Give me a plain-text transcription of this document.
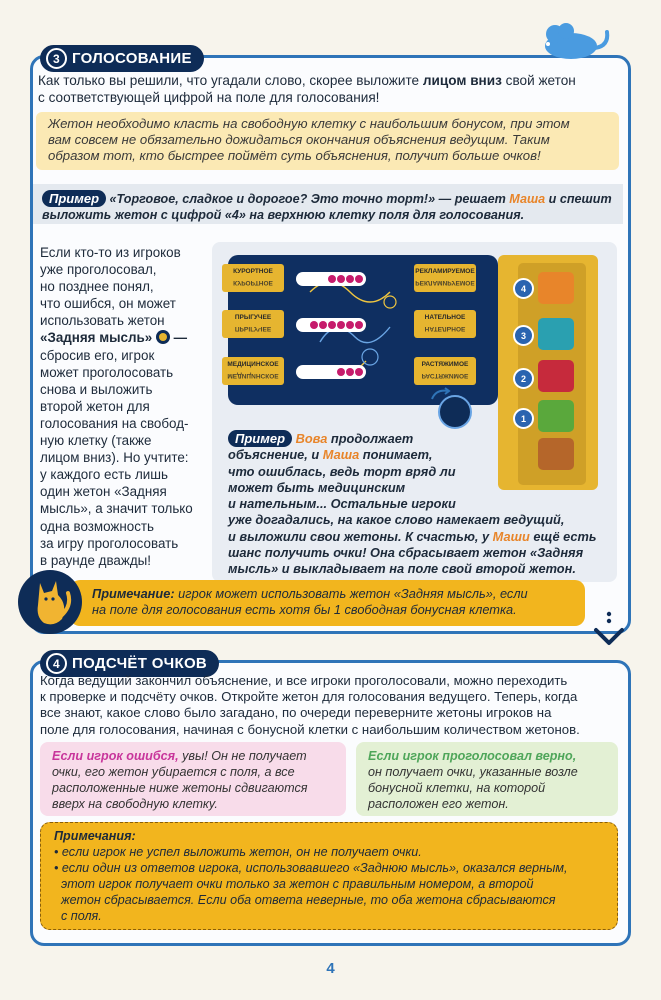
3 ГОЛОСОВАНИЕ
Как только вы решили, что угадали слово, скорее выложите лицом вниз свой жетон
с соответствующей цифрой на поле для голосования!
Жетон необходимо класть на свободную клетку с наибольшим бонусом, при этом
вам совсем не обязательно дожидаться окончания объяснения ведущим. Таким
образом тот, кто быстрее поймёт суть объяснения, получит больше очков!
Пример «Торговое, сладкое и дорогое? Это точно торт!» — решает Маша и спешит
выложить жетон с цифрой «4» на верхнюю клетку поля для голосования.
Если кто-то из игроков
уже проголосовал,
но позднее понял,
что ошибся, он может
использовать жетон
«Задняя мысль»
—
сбросив его, игрок
может проголосовать
снова и выложить
второй жетон для
голосования на свобод-
ную клетку (также
лицом вниз). Но учтите:
у каждого есть лишь
один жетон «Задняя
мысль», а значит только
одна возможность
за игру проголосовать
в раунде дважды!
КУРОРТНОЕ
КУРОРТНОЕ
ПРЫГУЧЕЕ
ПРЫГУЧЕЕ
МЕДИЦИНСКОЕ
МЕДИЦИНСКОЕ
РЕКЛАМИРУЕМОЕ
РЕКЛАМИРУЕМОЕ
НАТЕЛЬНОЕ
НАТЕЛЬНОЕ
РАСТЯЖИМОЕ
РАСТЯЖИМОЕ
4
3
2
1
Пример Вова продолжает
объяснение, и Маша понимает,
что ошиблась, ведь торт вряд ли
может быть медицинским
и нательным... Остальные игроки
уже догадались, на какое слово намекает ведущий,
и выложили свои жетоны. К счастью, у Маши ещё есть
шанс получить очки! Она сбрасывает жетон «Задняя
мысль» и выкладывает на поле свой второй жетон.
Примечание: игрок может использовать жетон «Задняя мысль», если
на поле для голосования есть хотя бы 1 свободная бонусная клетка.
4 ПОДСЧЁТ ОЧКОВ
Когда ведущий закончил объяснение, и все игроки проголосовали, можно переходить
к проверке и подсчёту очков. Откройте жетон для голосования ведущего. Теперь, когда
все знают, какое слово было загадано, по очереди переверните жетоны игроков на
поле для голосования, начиная с бонусной клетки с наибольшим количеством жетонов.
Если игрок ошибся, увы! Он не получает
очки, его жетон убирается с поля, а все
расположенные ниже жетоны сдвигаются
вверх на свободную клетку.
Если игрок проголосовал верно,
он получает очки, указанные возле
бонусной клетки, на которой
расположен его жетон.
Примечания:
• если игрок не успел выложить жетон, он не получает очки.
• если один из ответов игрока, использовавшего «Заднюю мысль», оказался верным,
этот игрок получает очки только за жетон с правильным номером, а второй
жетон сбрасывается. Если оба ответа неверные, то оба жетона сбрасываются
с поля.
4
